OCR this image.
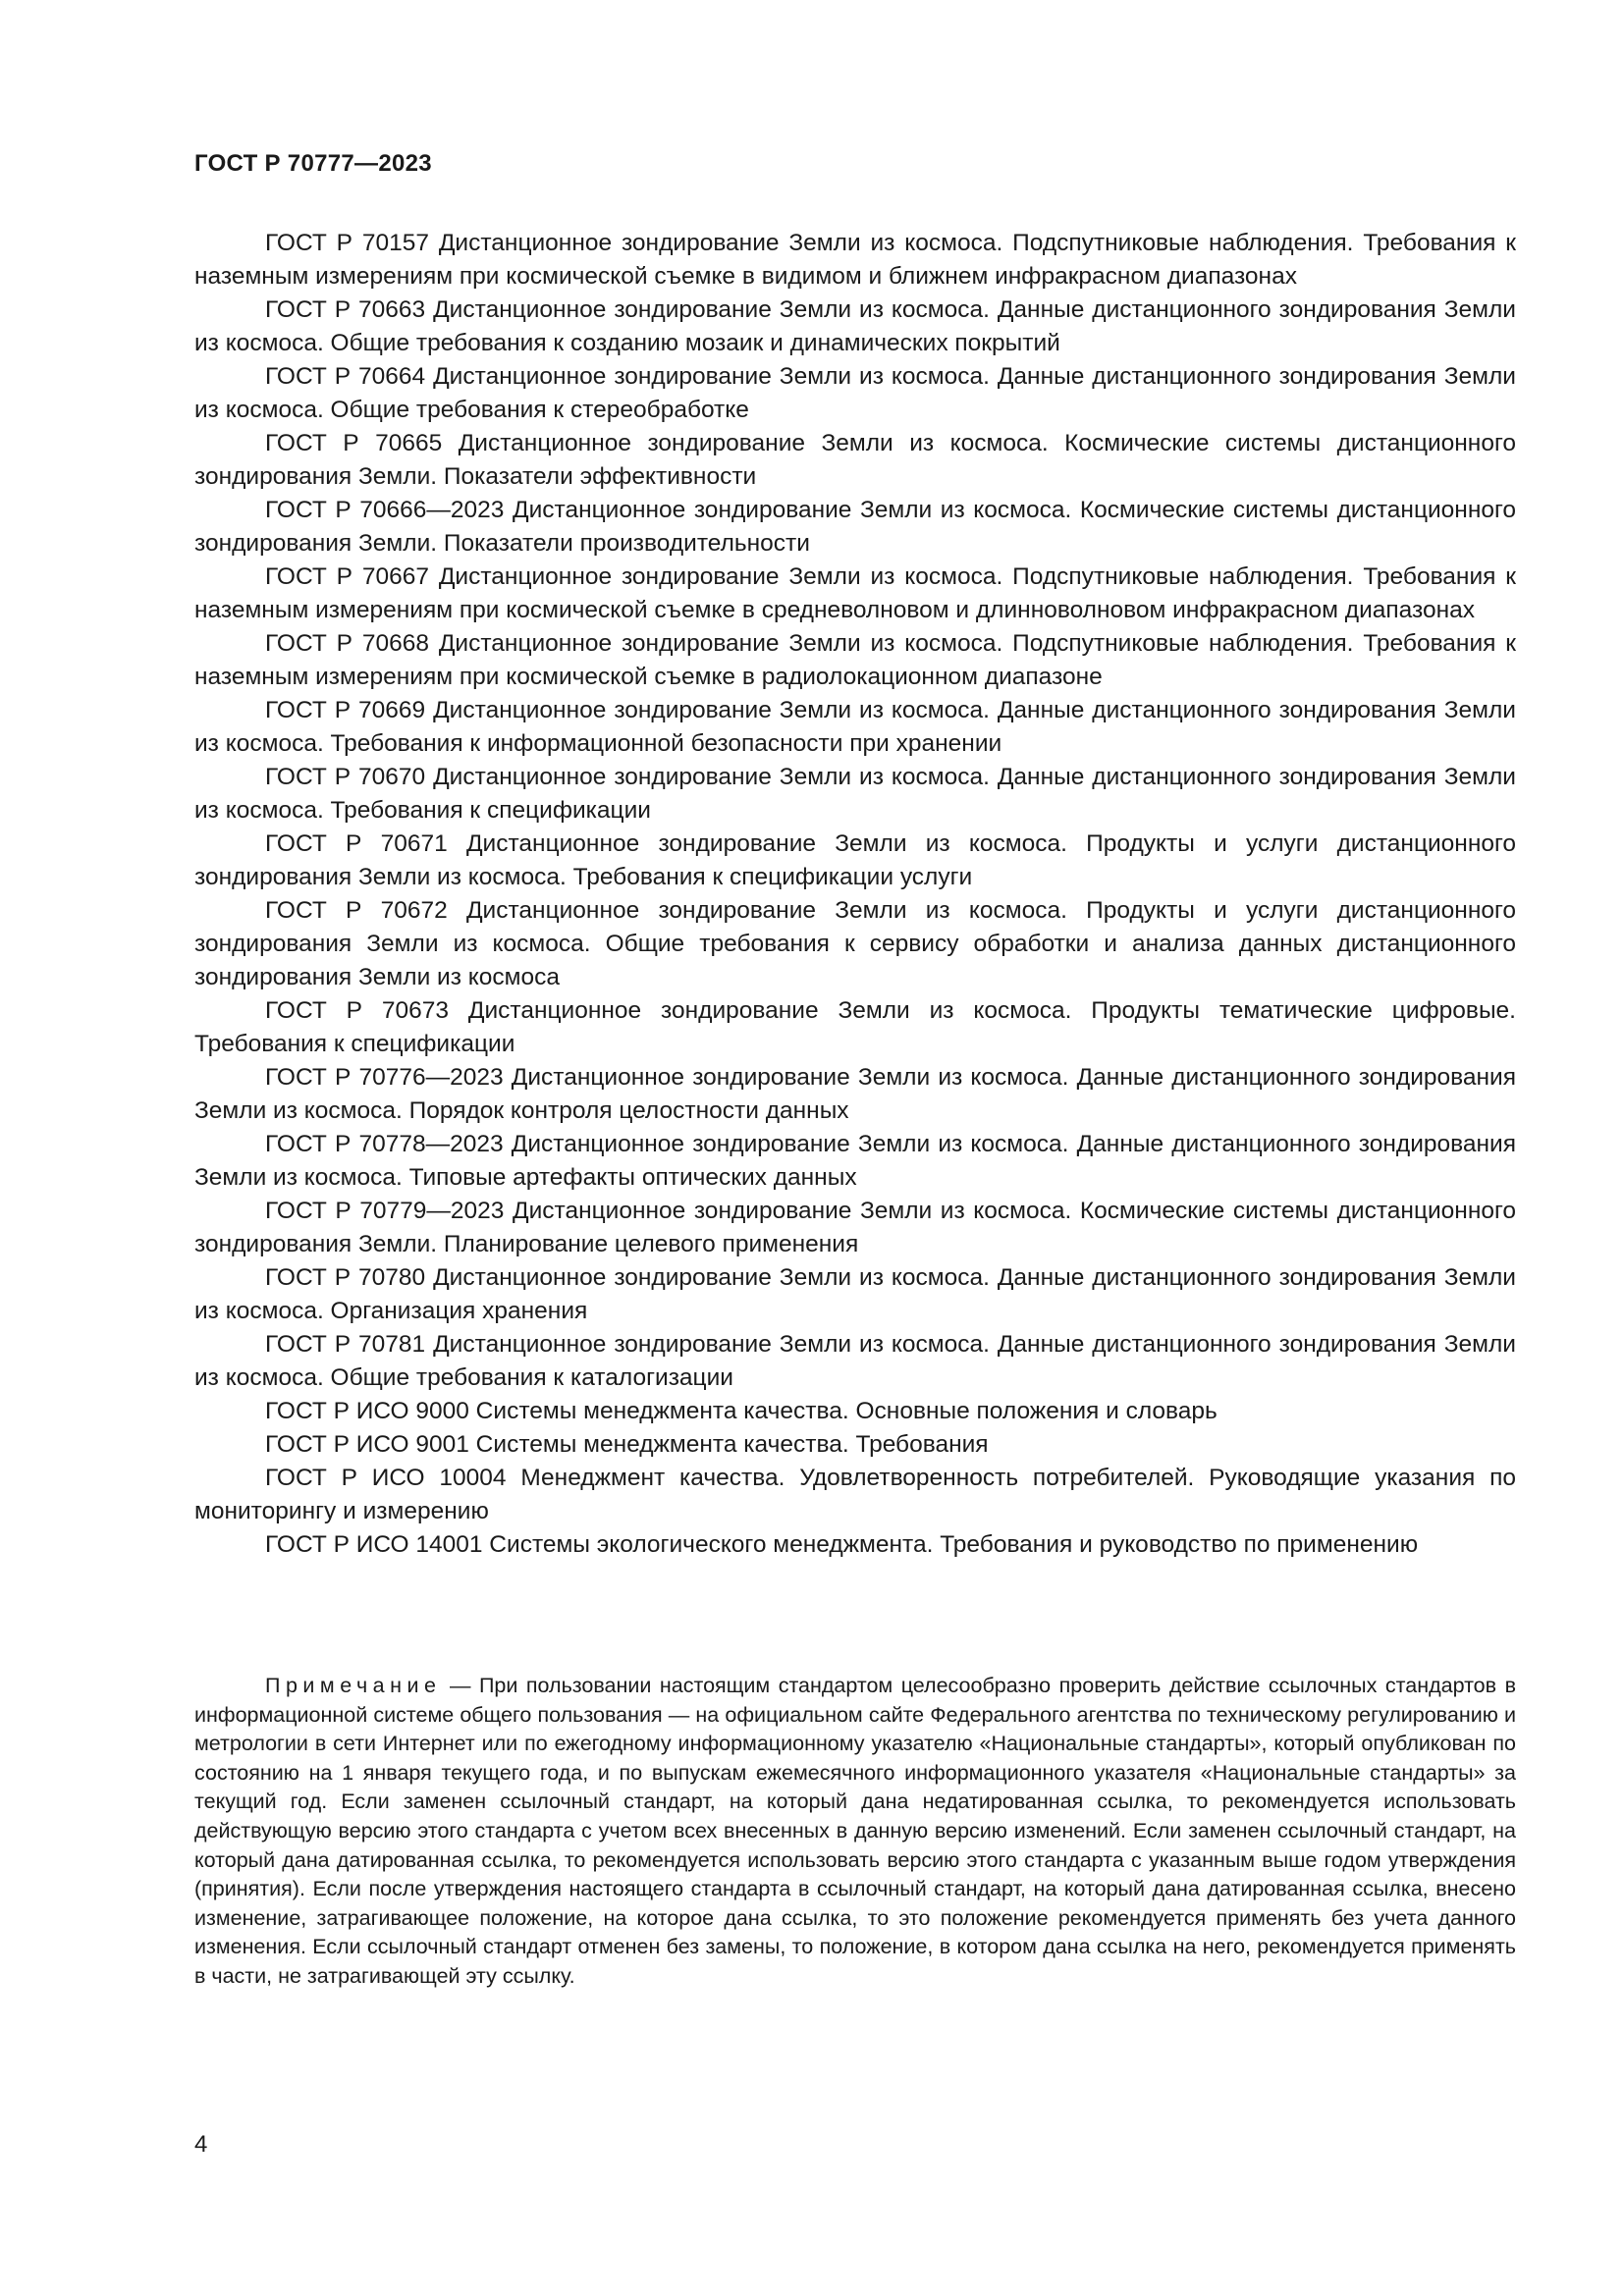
ГОСТ Р 70777—2023

ГОСТ Р 70157 Дистанционное зондирование Земли из космоса. Подспутниковые наблюдения. Требования к наземным измерениям при космической съемке в видимом и ближнем инфракрасном диапазонах

ГОСТ Р 70663 Дистанционное зондирование Земли из космоса. Данные дистанционного зондирования Земли из космоса. Общие требования к созданию мозаик и динамических покрытий

ГОСТ Р 70664 Дистанционное зондирование Земли из космоса. Данные дистанционного зондирования Земли из космоса. Общие требования к стереобработке

ГОСТ Р 70665 Дистанционное зондирование Земли из космоса. Космические системы дистанционного зондирования Земли. Показатели эффективности

ГОСТ Р 70666—2023 Дистанционное зондирование Земли из космоса. Космические системы дистанционного зондирования Земли. Показатели производительности

ГОСТ Р 70667 Дистанционное зондирование Земли из космоса. Подспутниковые наблюдения. Требования к наземным измерениям при космической съемке в средневолновом и длинноволновом инфракрасном диапазонах

ГОСТ Р 70668 Дистанционное зондирование Земли из космоса. Подспутниковые наблюдения. Требования к наземным измерениям при космической съемке в радиолокационном диапазоне

ГОСТ Р 70669 Дистанционное зондирование Земли из космоса. Данные дистанционного зондирования Земли из космоса. Требования к информационной безопасности при хранении

ГОСТ Р 70670 Дистанционное зондирование Земли из космоса. Данные дистанционного зондирования Земли из космоса. Требования к спецификации

ГОСТ Р 70671 Дистанционное зондирование Земли из космоса. Продукты и услуги дистанционного зондирования Земли из космоса. Требования к спецификации услуги

ГОСТ Р 70672 Дистанционное зондирование Земли из космоса. Продукты и услуги дистанционного зондирования Земли из космоса. Общие требования к сервису обработки и анализа данных дистанционного зондирования Земли из космоса

ГОСТ Р 70673 Дистанционное зондирование Земли из космоса. Продукты тематические цифровые. Требования к спецификации

ГОСТ Р 70776—2023 Дистанционное зондирование Земли из космоса. Данные дистанционного зондирования Земли из космоса. Порядок контроля целостности данных

ГОСТ Р 70778—2023 Дистанционное зондирование Земли из космоса. Данные дистанционного зондирования Земли из космоса. Типовые артефакты оптических данных

ГОСТ Р 70779—2023 Дистанционное зондирование Земли из космоса. Космические системы дистанционного зондирования Земли. Планирование целевого применения

ГОСТ Р 70780 Дистанционное зондирование Земли из космоса. Данные дистанционного зондирования Земли из космоса. Организация хранения

ГОСТ Р 70781 Дистанционное зондирование Земли из космоса. Данные дистанционного зондирования Земли из космоса. Общие требования к каталогизации

ГОСТ Р ИСО 9000 Системы менеджмента качества. Основные положения и словарь

ГОСТ Р ИСО 9001 Системы менеджмента качества. Требования

ГОСТ Р ИСО 10004 Менеджмент качества. Удовлетворенность потребителей. Руководящие указания по мониторингу и измерению

ГОСТ Р ИСО 14001 Системы экологического менеджмента. Требования и руководство по применению

Примечание — При пользовании настоящим стандартом целесообразно проверить действие ссылочных стандартов в информационной системе общего пользования — на официальном сайте Федерального агентства по техническому регулированию и метрологии в сети Интернет или по ежегодному информационному указателю «Национальные стандарты», который опубликован по состоянию на 1 января текущего года, и по выпускам ежемесячного информационного указателя «Национальные стандарты» за текущий год. Если заменен ссылочный стандарт, на который дана недатированная ссылка, то рекомендуется использовать действующую версию этого стандарта с учетом всех внесенных в данную версию изменений. Если заменен ссылочный стандарт, на который дана датированная ссылка, то рекомендуется использовать версию этого стандарта с указанным выше годом утверждения (принятия). Если после утверждения настоящего стандарта в ссылочный стандарт, на который дана датированная ссылка, внесено изменение, затрагивающее положение, на которое дана ссылка, то это положение рекомендуется применять без учета данного изменения. Если ссылочный стандарт отменен без замены, то положение, в котором дана ссылка на него, рекомендуется применять в части, не затрагивающей эту ссылку.

4
